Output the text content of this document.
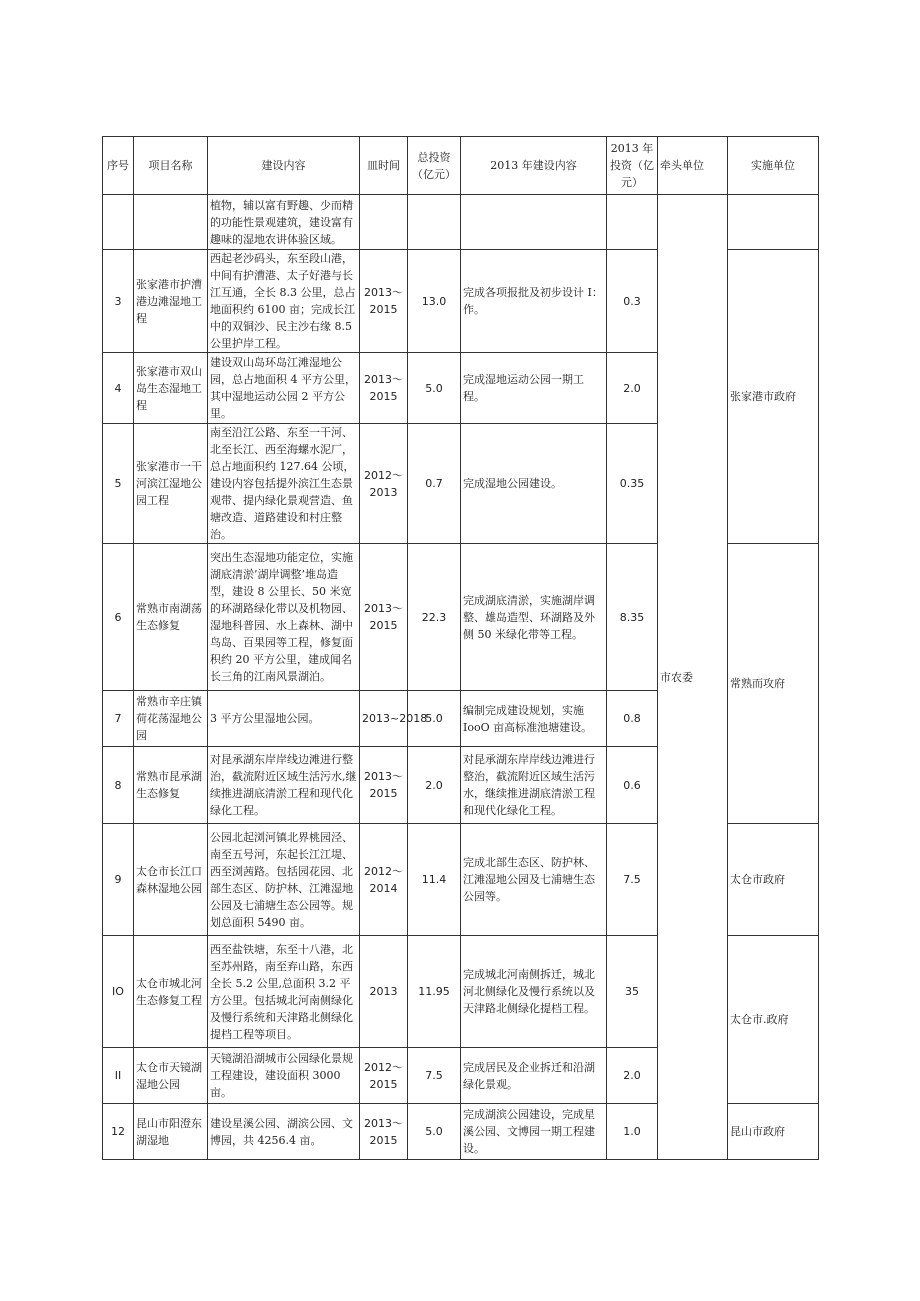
序号	项目名称	建设内容	皿时间	总投资（亿元）	2013 年建设内容	2013 年投资（亿元）	牵头单位	实施单位
		植物，辅以富有野趣、少而精的功能性景观建筑，建设富有趣味的湿地农讲体验区域。					市农委	
3	张家港市护漕港边滩湿地工程	西起老沙码头，东至段山港，中间有护漕港、太子好港与长江互通，全长 8.3 公里，总占地面积约 6100 亩；完成长江中的双铜沙、民主沙右缘 8.5 公里护岸工程。	2013～2015	13.0	完成各项报批及初步设计 I：作。	0.3		张家港市政府
4	张家港市双山岛生态湿地工程	建设双山岛环岛江滩湿地公园，总占地面积 4 平方公里，其中湿地运动公园 2 平方公里。	2013～2015	5.0	完成湿地运动公园一期工程。	2.0		
5	张家港市一干河滨江湿地公园工程	南至沿江公路、东至一干河、北至长江、西至海螺水泥厂，总占地面积约 127.64 公顷，建设内容包括提外滨江生态景观带、提内绿化景观营造、鱼塘改造、道路建设和村庄整治。	2012～2013	0.7	完成湿地公园建设。	0.35		
6	常熟市南湖荡生态修复	突出生态湿地功能定位，实施湖底清淤’湖岸调整’堆岛造型，建设 8 公里长、50 米宽的环湖路绿化带以及机物园、湿地科普园、水上森林、湖中鸟岛、百果园等工程，修复面积约 20 平方公里，建成闻名长三角的江南风景湖泊。	2013～2015	22.3	完成湖底清淤，实施湖岸调整、雄岛造型、环湖路及外侧 50 米绿化带等工程。	8.35		常熟而攻府
7	常熟市辛庄镇荷花荡湿地公园	3 平方公里湿地公园。	2013~2018	5.0	编制完成建设规划，实施 IooO 亩高标准池塘建设。	0.8		
8	常熟市昆承湖生态修复	对昆承湖东岸岸线边滩进行整治，截流附近区域生活污水,继续推进湖底清淤工程和现代化绿化工程。	2013～2015	2.0	对昆承湖东岸岸线边滩进行整治，截流附近区域生活污水，继续推进湖底清淤工程和现代化绿化工程。	0.6		
9	太仓市长江口森林湿地公园	公园北起浏河镇北界桃园泾、南至五号河，东起长江江堤、西至浏茜路。包括园花园、北部生态区、防护林、江滩湿地公园及七浦塘生态公园等。规划总面积 5490 亩。	2012～2014	11.4	完成北部生态区、防护林、江滩湿地公园及七浦塘生态公园等。	7.5		太仓市政府
IO	太仓市城北河生态修复工程	西至盐铁塘，东至十八港，北至苏州路，南至弃山路，东西全长 5.2 公里,总面积 3.2 平方公里。包括城北河南侧绿化及慢行系统和天津路北侧绿化提档工程等项目。	2013	11.95	完成城北河南侧拆迁，城北河北侧绿化及慢行系统以及天津路北侧绿化提档工程。	35		太仓市.政府
II	太仓市天镜湖湿地公园	天镜湖沿湖城市公园绿化景规工程建设，建设面积 3000 亩。	2012～2015	7.5	完成居民及企业拆迁和沿湖绿化景观。	2.0		
12	昆山市阳澄东湖湿地	建设星溪公园、湖滨公园、文博园，共 4256.4 亩。	2013～2015	5.0	完成湖滨公园建设，完成星溪公园、文博园一期工程建设。	1.0		昆山市政府
